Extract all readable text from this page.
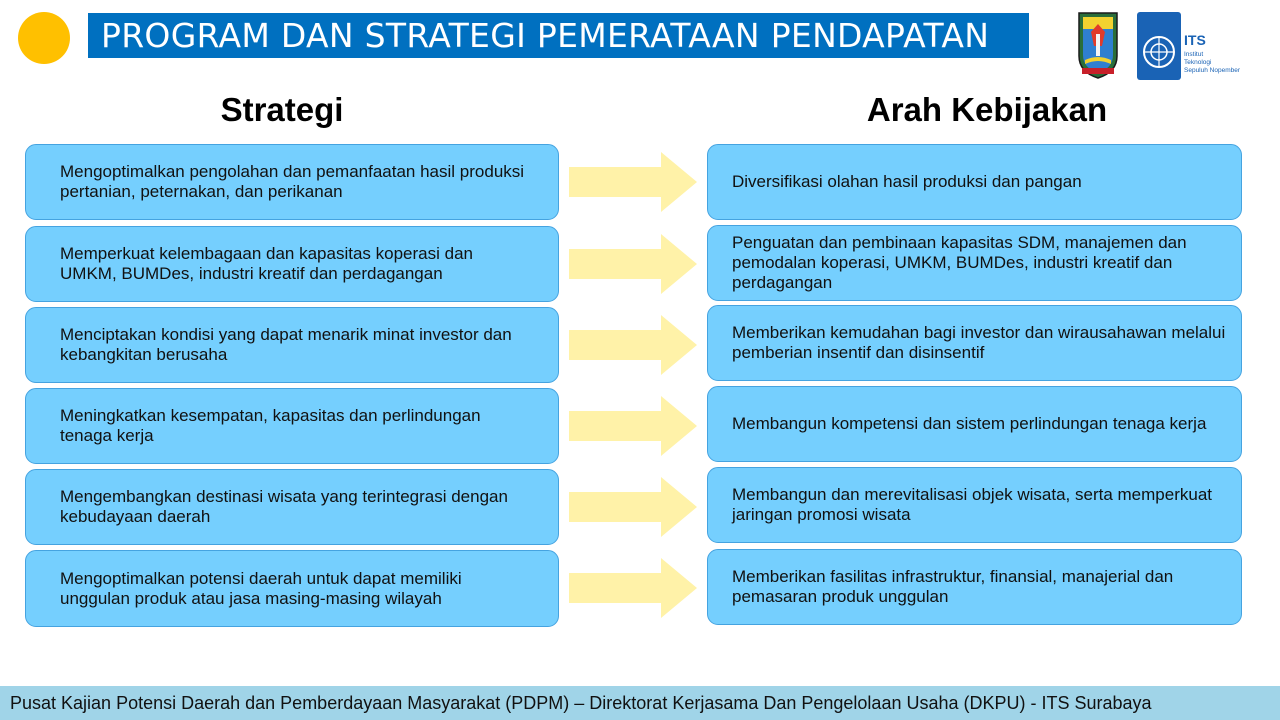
PROGRAM DAN STRATEGI PEMERATAAN PENDAPATAN	ITS
Institut
Teknologi
Sepuluh Nopember
Strategi	Arah Kebijakan
Mengoptimalkan pengolahan dan pemanfaatan hasil produksi pertanian, peternakan, dan perikanan
Diversifikasi olahan hasil produksi dan pangan
Memperkuat kelembagaan dan kapasitas koperasi dan UMKM, BUMDes, industri kreatif dan perdagangan
Penguatan dan pembinaan kapasitas SDM, manajemen dan pemodalan koperasi, UMKM, BUMDes, industri kreatif dan perdagangan
Menciptakan kondisi yang dapat menarik minat investor dan kebangkitan berusaha
Memberikan kemudahan bagi investor dan wirausahawan melalui pemberian insentif dan disinsentif
Meningkatkan kesempatan, kapasitas dan perlindungan tenaga kerja
Membangun kompetensi dan sistem perlindungan tenaga kerja
Mengembangkan destinasi wisata yang terintegrasi dengan kebudayaan daerah
Membangun dan merevitalisasi objek wisata, serta memperkuat jaringan promosi wisata
Mengoptimalkan potensi daerah untuk dapat memiliki unggulan produk atau jasa masing-masing wilayah
Memberikan fasilitas infrastruktur, finansial, manajerial dan pemasaran produk unggulan
Pusat Kajian Potensi Daerah dan Pemberdayaan Masyarakat (PDPM) – Direktorat Kerjasama Dan Pengelolaan Usaha (DKPU) - ITS Surabaya
